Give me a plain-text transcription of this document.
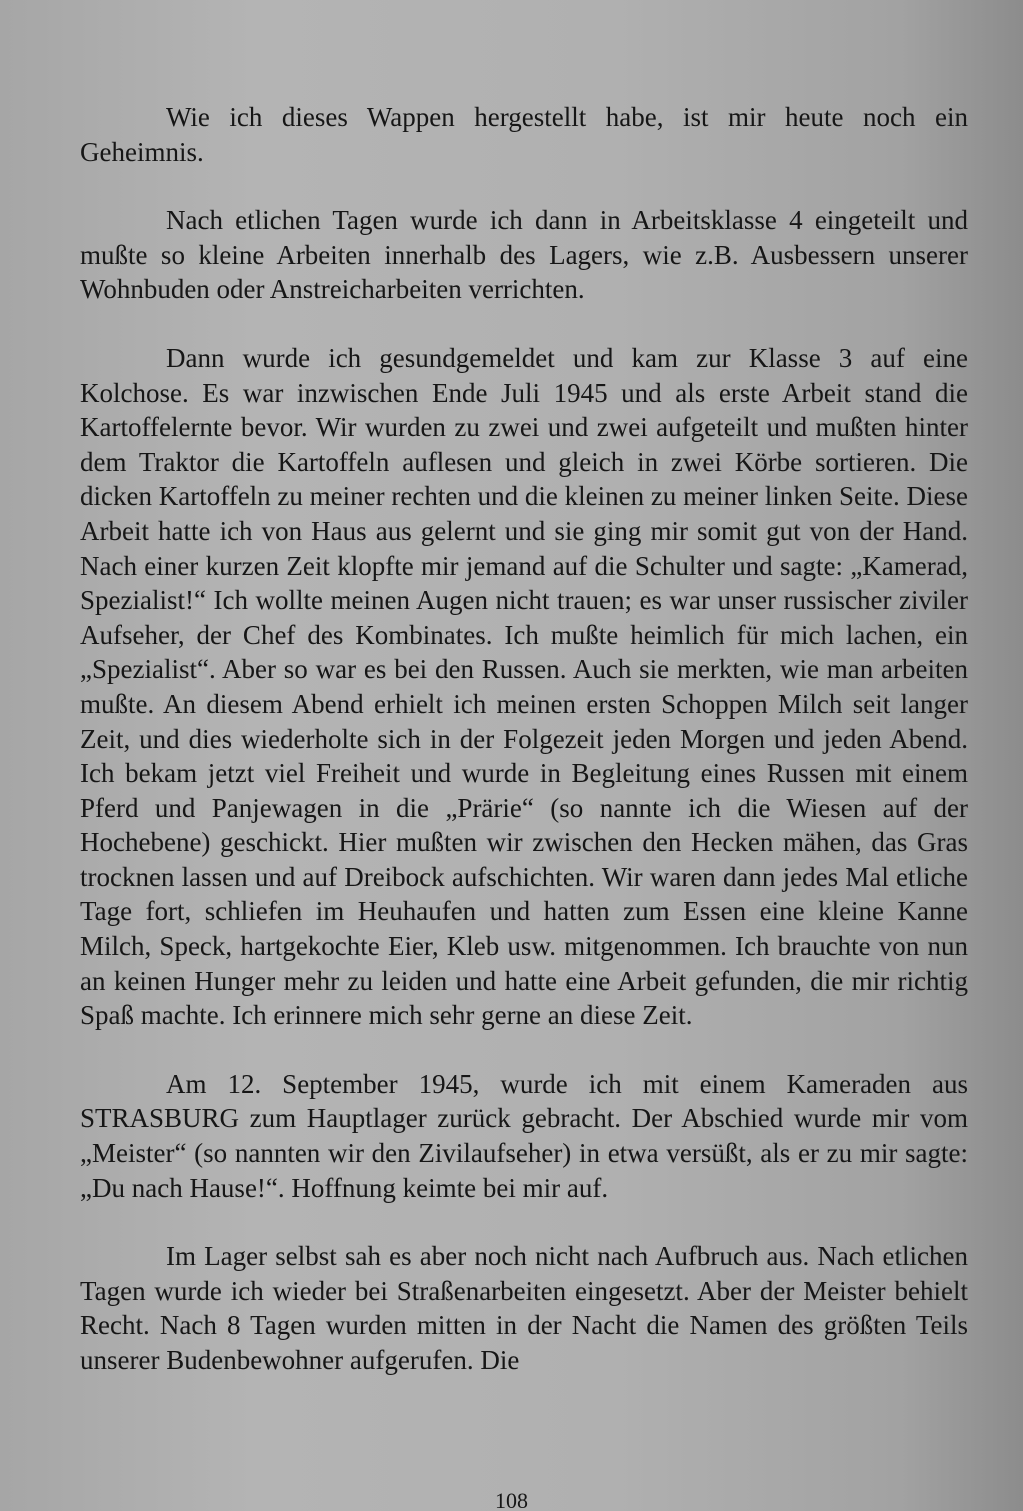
Wie ich dieses Wappen hergestellt habe, ist mir heute noch ein Geheimnis.

Nach etlichen Tagen wurde ich dann in Arbeitsklasse 4 eingeteilt und mußte so kleine Arbeiten innerhalb des Lagers, wie z.B. Ausbessern unserer Wohnbuden oder Anstreicharbeiten verrichten.

Dann wurde ich gesundgemeldet und kam zur Klasse 3 auf eine Kolchose. Es war inzwischen Ende Juli 1945 und als erste Arbeit stand die Kartoffelernte bevor. Wir wurden zu zwei und zwei aufgeteilt und mußten hinter dem Traktor die Kartoffeln auflesen und gleich in zwei Körbe sortieren. Die dicken Kartoffeln zu meiner rechten und die kleinen zu meiner linken Seite. Diese Arbeit hatte ich von Haus aus gelernt und sie ging mir somit gut von der Hand. Nach einer kurzen Zeit klopfte mir jemand auf die Schulter und sagte: „Kamerad, Spezialist!“ Ich wollte meinen Augen nicht trauen; es war unser russischer ziviler Aufseher, der Chef des Kombinates. Ich mußte heimlich für mich lachen, ein „Spezialist“. Aber so war es bei den Russen. Auch sie merkten, wie man arbeiten mußte. An diesem Abend erhielt ich meinen ersten Schoppen Milch seit langer Zeit, und dies wiederholte sich in der Folgezeit jeden Morgen und jeden Abend. Ich bekam jetzt viel Freiheit und wurde in Begleitung eines Russen mit einem Pferd und Panjewagen in die „Prärie“ (so nannte ich die Wiesen auf der Hochebene) geschickt. Hier mußten wir zwischen den Hecken mähen, das Gras trocknen lassen und auf Dreibock aufschichten. Wir waren dann jedes Mal etliche Tage fort, schliefen im Heuhaufen und hatten zum Essen eine kleine Kanne Milch, Speck, hartgekochte Eier, Kleb usw. mitgenommen. Ich brauchte von nun an keinen Hunger mehr zu leiden und hatte eine Arbeit gefunden, die mir richtig Spaß machte. Ich erinnere mich sehr gerne an diese Zeit.

Am 12. September 1945, wurde ich mit einem Kameraden aus STRASBURG zum Hauptlager zurück gebracht. Der Abschied wurde mir vom „Meister“ (so nannten wir den Zivilaufseher) in etwa versüßt, als er zu mir sagte: „Du nach Hause!“. Hoffnung keimte bei mir auf.

Im Lager selbst sah es aber noch nicht nach Aufbruch aus. Nach etlichen Tagen wurde ich wieder bei Straßenarbeiten eingesetzt. Aber der Meister behielt Recht. Nach 8 Tagen wurden mitten in der Nacht die Namen des größten Teils unserer Budenbewohner aufgerufen. Die

108
